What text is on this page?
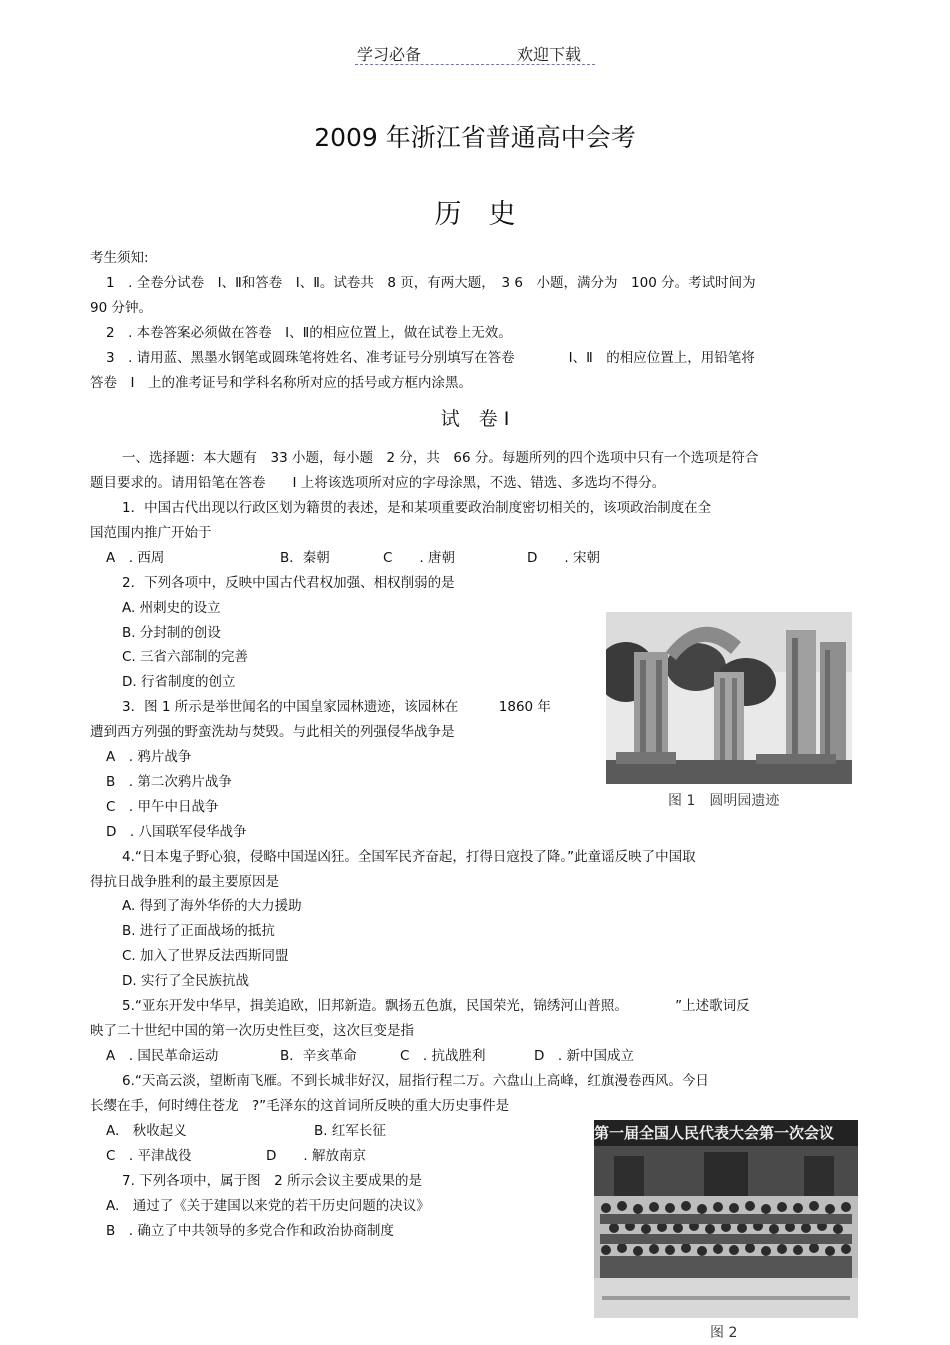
学习必备	欢迎下载
2009 年浙江省普通高中会考
历　史
考生须知:
1　. 全卷分试卷　Ⅰ、Ⅱ和答卷　Ⅰ、Ⅱ。试卷共　8 页，有两大题，　3 6　小题，满分为　100 分。考试时间为
90 分钟。
2　. 本卷答案必须做在答卷　Ⅰ、Ⅱ的相应位置上，做在试卷上无效。
3　. 请用蓝、黑墨水钢笔或圆珠笔将姓名、准考证号分别填写在答卷　　　　Ⅰ、Ⅱ　的相应位置上，用铅笔将
答卷　Ⅰ　上的准考证号和学科名称所对应的括号或方框内涂黑。
试　卷 Ⅰ
一、选择题：本大题有　33 小题，每小题　2 分，共　66 分。每题所列的四个选项中只有一个选项是符合
题目要求的。请用铅笔在答卷　　Ⅰ 上将该选项所对应的字母涂黑，不选、错选、多选均不得分。
1．中国古代出现以行政区划为籍贯的表述，是和某项重要政治制度密切相关的，该项政治制度在全
国范围内推广开始于
A　. 西周	B．秦朝	C　　. 唐朝	D　　. 宋朝
2．下列各项中，反映中国古代君权加强、相权削弱的是
A. 州刺史的设立
B. 分封制的创设
C. 三省六部制的完善
D. 行省制度的创立
3．图 1 所示是举世闻名的中国皇家园林遗迹，该园林在　　　1860 年
遭到西方列强的野蛮洗劫与焚毁。与此相关的列强侵华战争是
A　. 鸦片战争
B　. 第二次鸦片战争
C　. 甲午中日战争
D　. 八国联军侵华战争
图 1　圆明园遗迹
4.“日本鬼子野心狼，侵略中国逞凶狂。全国军民齐奋起，打得日寇投了降。”此童谣反映了中国取
得抗日战争胜利的最主要原因是
A. 得到了海外华侨的大力援助
B. 进行了正面战场的抵抗
C. 加入了世界反法西斯同盟
D. 实行了全民族抗战
5.“亚东开发中华早，揖美追欧，旧邦新造。飘扬五色旗，民国荣光，锦绣河山普照。　　　　”上述歌词反
映了二十世纪中国的第一次历史性巨变，这次巨变是指
A　. 国民革命运动	B．辛亥革命	C　. 抗战胜利	D　. 新中国成立
6.“天高云淡，望断南飞雁。不到长城非好汉，屈指行程二万。六盘山上高峰，红旗漫卷西风。今日
长缨在手，何时缚住苍龙　?”毛泽东的这首词所反映的重大历史事件是
A.　秋收起义	B. 红军长征
C　. 平津战役	D　　. 解放南京
7. 下列各项中，属于图　2 所示会议主要成果的是
A.　通过了《关于建国以来党的若干历史问题的决议》
B　. 确立了中共领导的多党合作和政治协商制度
第一届全国人民代表大会第一次会议
图 2
